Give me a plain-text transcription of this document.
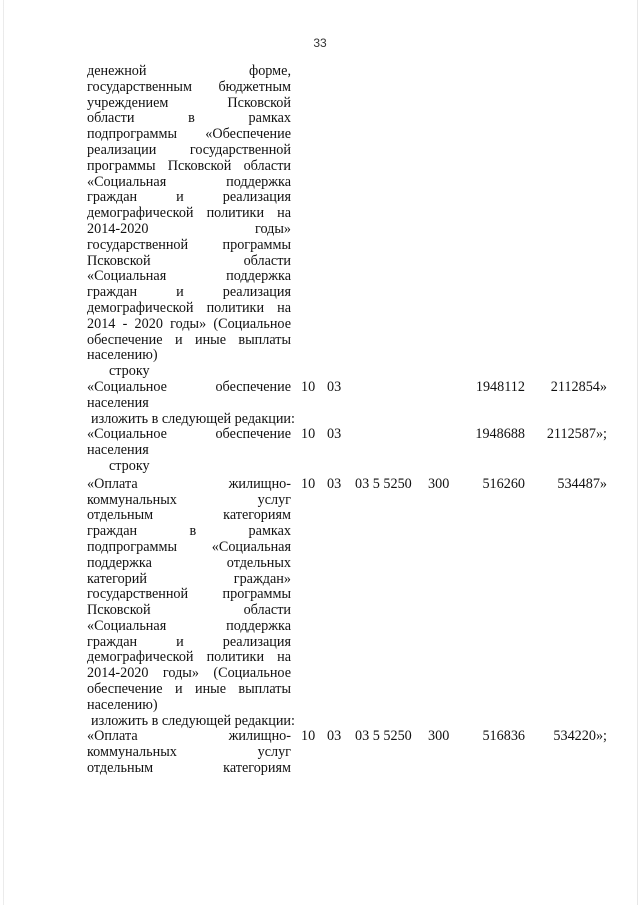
33
денежной форме,
государственным бюджетным
учреждением Псковской
области в рамках
подпрограммы «Обеспечение
реализации государственной
программы Псковской области
«Социальная поддержка
граждан и реализация
демографической политики на
2014-2020 годы»
государственной программы
Псковской области
«Социальная поддержка
граждан и реализация
демографической политики на
2014 - 2020 годы» (Социальное
обеспечение и иные выплаты
населению)
строку
«Социальное обеспечение
населения
10 03	1948112	2112854»
изложить в следующей редакции:
«Социальное обеспечение
населения
10 03	1948688	2112587»;
строку
«Оплата жилищно-
коммунальных услуг
отдельным категориям
граждан в рамках
подпрограммы «Социальная
поддержка отдельных
категорий граждан»
государственной программы
Псковской области
«Социальная поддержка
граждан и реализация
демографической политики на
2014-2020 годы» (Социальное
обеспечение и иные выплаты
населению)
10 03 03 5 5250 300	516260	534487»
изложить в следующей редакции:
«Оплата жилищно-
коммунальных услуг
отдельным категориям
10 03 03 5 5250 300	516836	534220»;
